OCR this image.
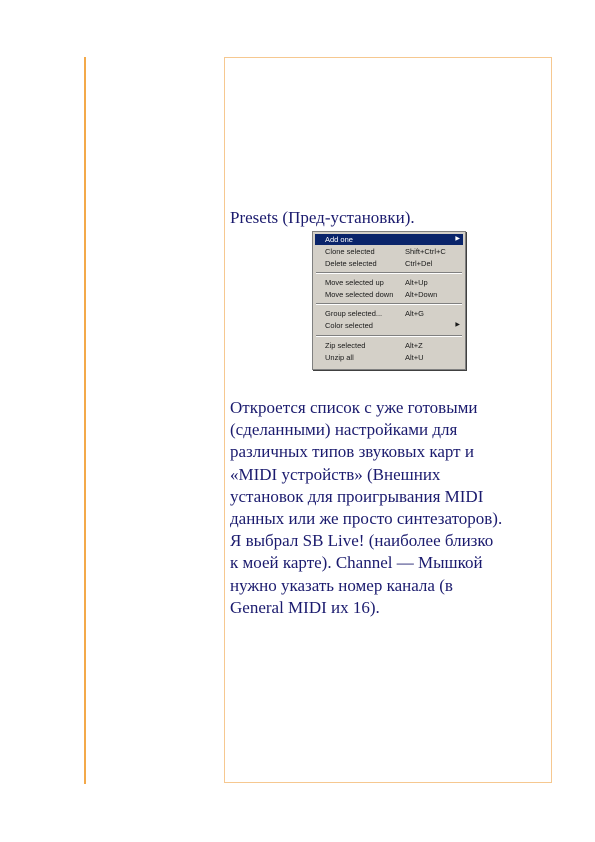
Presets (Пред-установки).
Add one	▶
Clone selected	Shift+Ctrl+C
Delete selected	Ctrl+Del
Move selected up	Alt+Up
Move selected down Alt+Down
Group selected...	Alt+G
Color selected	▶
Zip selected	Alt+Z
Unzip all	Alt+U
Откроется список с уже готовыми
(сделанными) настройками для
различных типов звуковых карт и
«MIDI устройств» (Внешних
установок для проигрывания MIDI
данных или же просто синтезаторов).
Я выбрал SB Live! (наиболее близко
к моей карте). Channel — Мышкой
нужно указать номер канала (в
General MIDI их 16).
